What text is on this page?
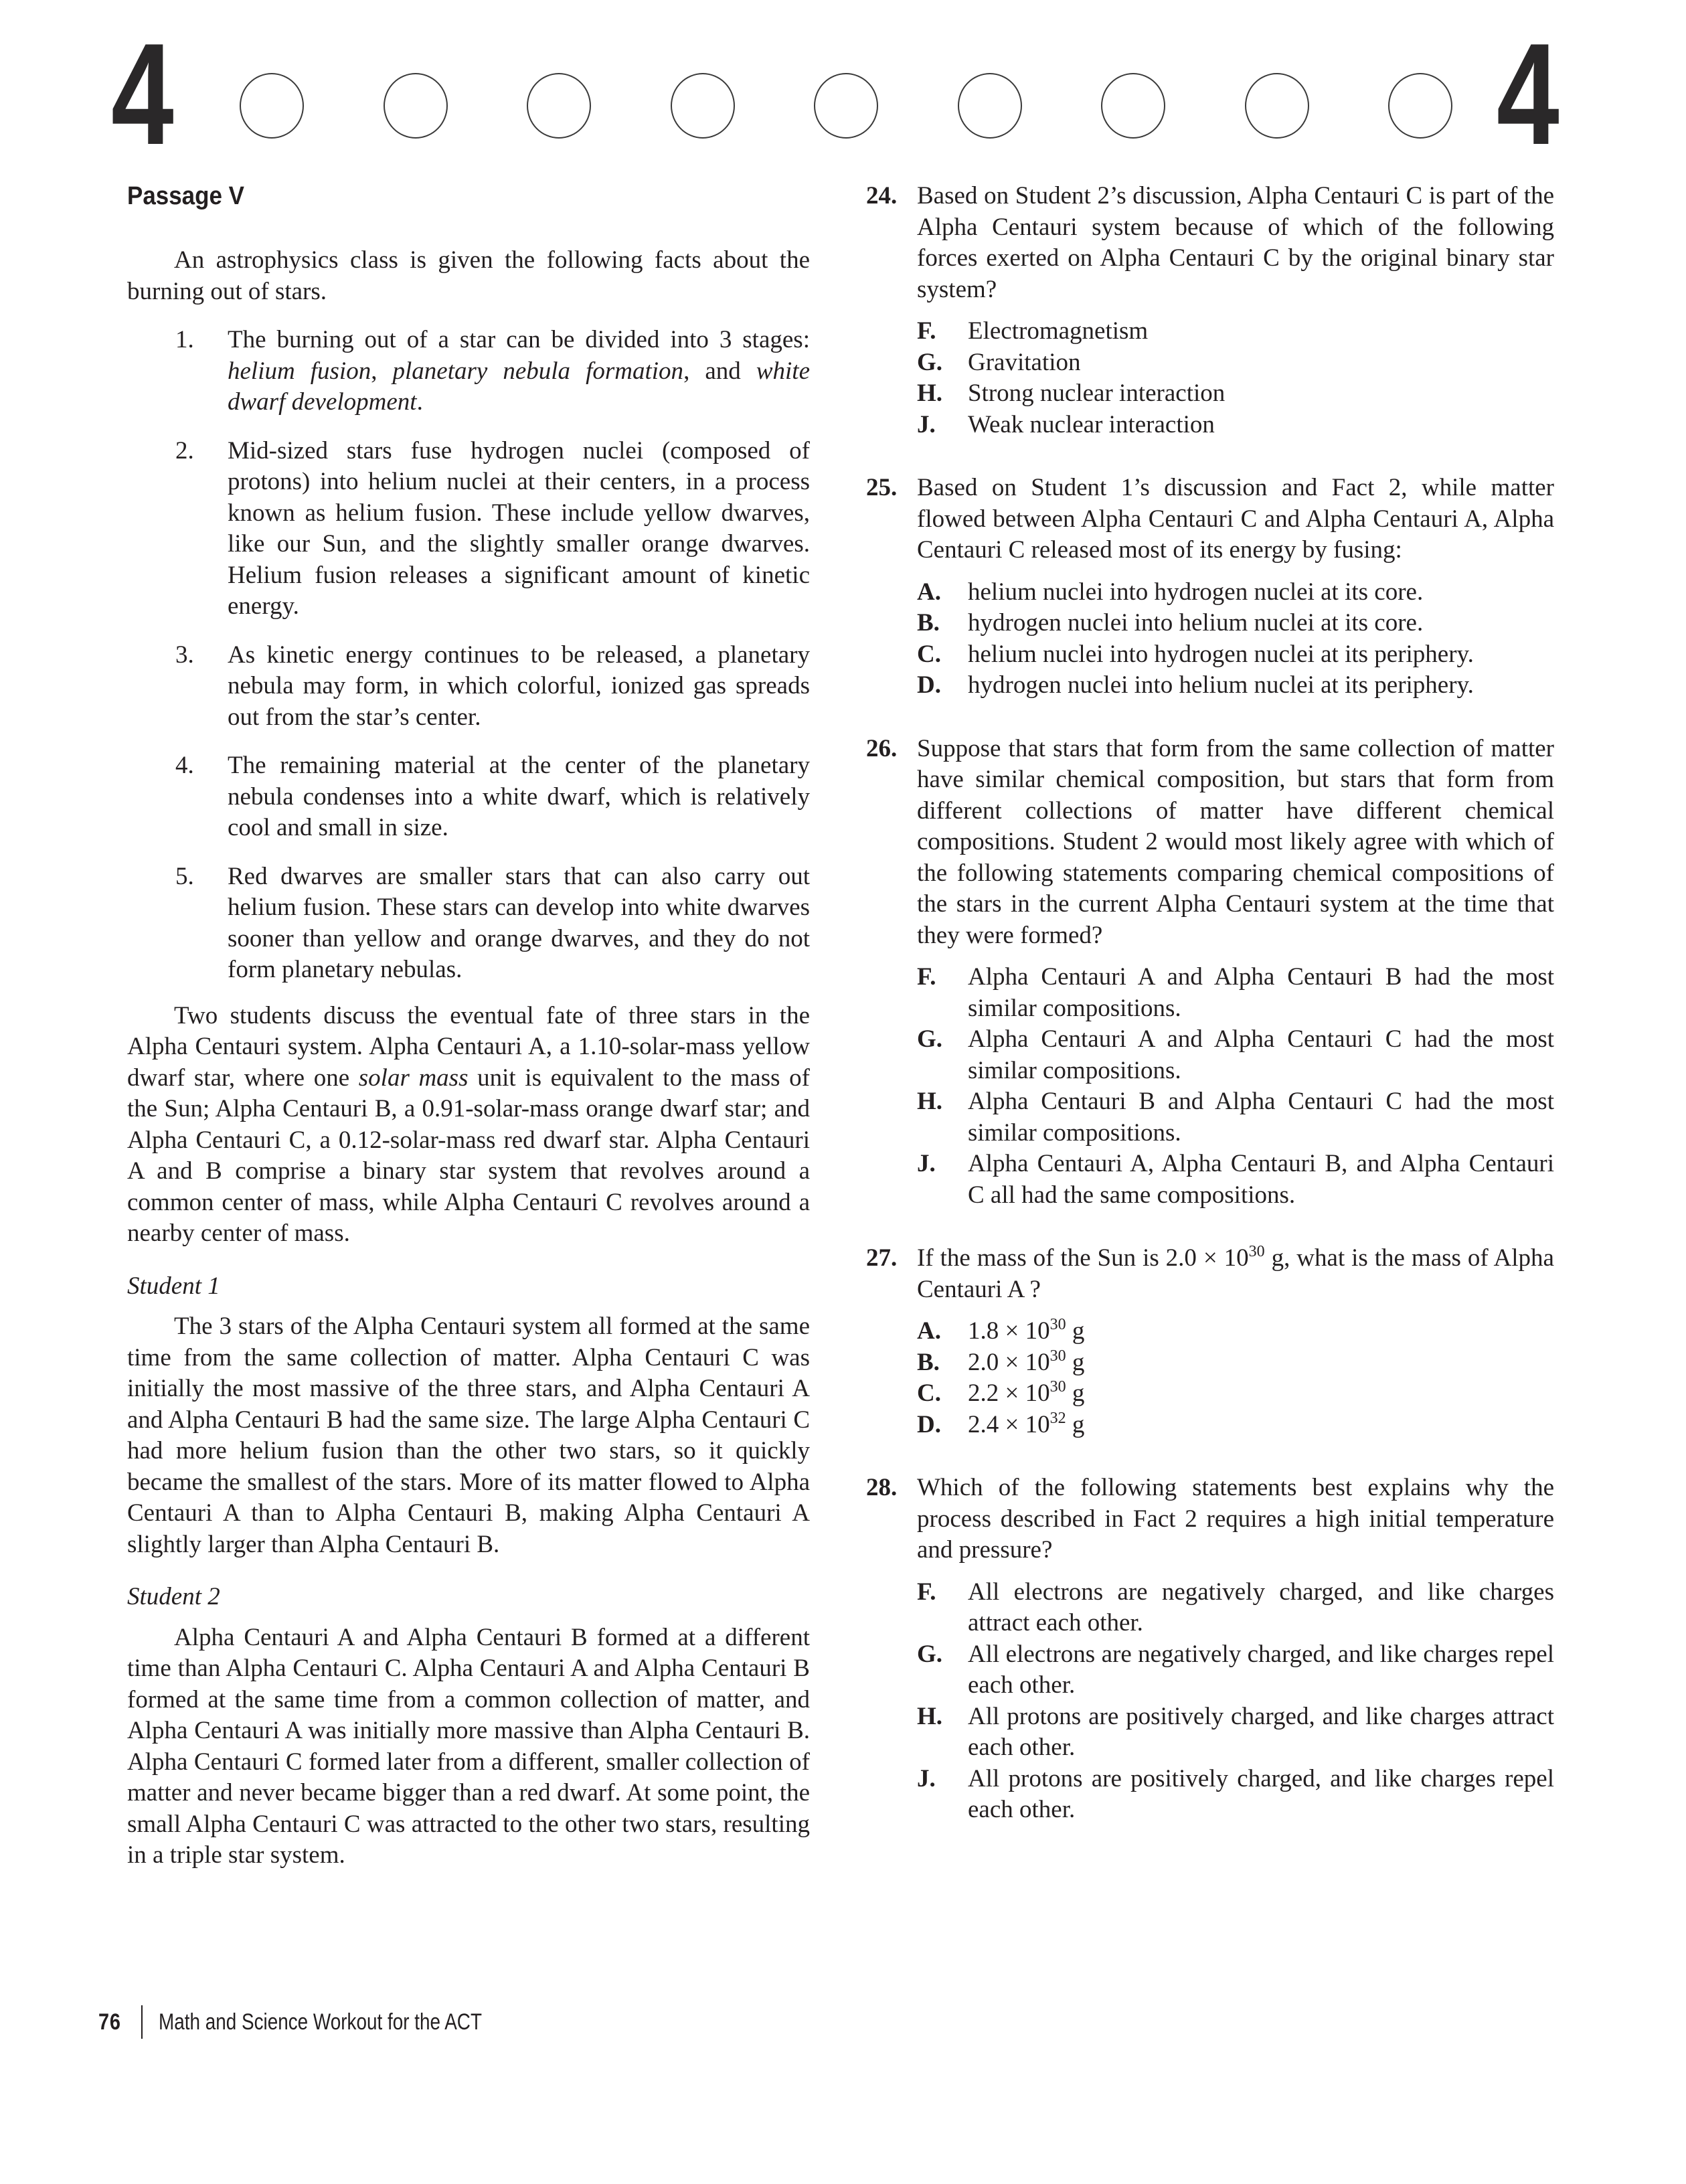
4	4
Passage V

An astrophysics class is given the following facts about the burning out of stars.

1.	The burning out of a star can be divided into 3 stages: helium fusion, planetary nebula formation, and white dwarf development.
2.	Mid-sized stars fuse hydrogen nuclei (composed of protons) into helium nuclei at their centers, in a process known as helium fusion. These include yellow dwarves, like our Sun, and the slightly smaller orange dwarves. Helium fusion releases a significant amount of kinetic energy.
3.	As kinetic energy continues to be released, a planetary nebula may form, in which colorful, ionized gas spreads out from the star’s center.
4.	The remaining material at the center of the planetary nebula condenses into a white dwarf, which is relatively cool and small in size.
5.	Red dwarves are smaller stars that can also carry out helium fusion. These stars can develop into white dwarves sooner than yellow and orange dwarves, and they do not form planetary nebulas.

Two students discuss the eventual fate of three stars in the Alpha Centauri system. Alpha Centauri A, a 1.10-solar-mass yellow dwarf star, where one solar mass unit is equivalent to the mass of the Sun; Alpha Centauri B, a 0.91-solar-mass orange dwarf star; and Alpha Centauri C, a 0.12-solar-mass red dwarf star. Alpha Centauri A and B comprise a binary star system that revolves around a common center of mass, while Alpha Centauri C revolves around a nearby center of mass.

Student 1

The 3 stars of the Alpha Centauri system all formed at the same time from the same collection of matter. Alpha Centauri C was initially the most massive of the three stars, and Alpha Centauri A and Alpha Centauri B had the same size. The large Alpha Centauri C had more helium fusion than the other two stars, so it quickly became the smallest of the stars. More of its matter flowed to Alpha Centauri A than to Alpha Centauri B, making Alpha Centauri A slightly larger than Alpha Centauri B.

Student 2

Alpha Centauri A and Alpha Centauri B formed at a different time than Alpha Centauri C. Alpha Centauri A and Alpha Centauri B formed at the same time from a common collection of matter, and Alpha Centauri A was initially more massive than Alpha Centauri B. Alpha Centauri C formed later from a different, smaller collection of matter and never became bigger than a red dwarf. At some point, the small Alpha Centauri C was attracted to the other two stars, resulting in a triple star system.

24. Based on Student 2’s discussion, Alpha Centauri C is part of the Alpha Centauri system because of which of the following forces exerted on Alpha Centauri C by the original binary star system?
F.	Electromagnetism
G.	Gravitation
H.	Strong nuclear interaction
J.	Weak nuclear interaction
25. Based on Student 1’s discussion and Fact 2, while matter flowed between Alpha Centauri C and Alpha Centauri A, Alpha Centauri C released most of its energy by fusing:
A.	helium nuclei into hydrogen nuclei at its core.
B.	hydrogen nuclei into helium nuclei at its core.
C.	helium nuclei into hydrogen nuclei at its periphery.
D.	hydrogen nuclei into helium nuclei at its periphery.
26. Suppose that stars that form from the same collection of matter have similar chemical composition, but stars that form from different collections of matter have different chemical compositions. Student 2 would most likely agree with which of the following statements comparing chemical compositions of the stars in the current Alpha Centauri system at the time that they were formed?
F.	Alpha Centauri A and Alpha Centauri B had the most similar compositions.
G.	Alpha Centauri A and Alpha Centauri C had the most similar compositions.
H.	Alpha Centauri B and Alpha Centauri C had the most similar compositions.
J.	Alpha Centauri A, Alpha Centauri B, and Alpha Centauri C all had the same compositions.
27. If the mass of the Sun is $2.0 \times 10^{30}$ g, what is the mass of Alpha Centauri A ?
A.	$1.8 \times 10^{30}$ g
B.	$2.0 \times 10^{30}$ g
C.	$2.2 \times 10^{30}$ g
D.	$2.4 \times 10^{32}$ g
28. Which of the following statements best explains why the process described in Fact 2 requires a high initial temperature and pressure?
F.	All electrons are negatively charged, and like charges attract each other.
G.	All electrons are negatively charged, and like charges repel each other.
H.	All protons are positively charged, and like charges attract each other.
J.	All protons are positively charged, and like charges repel each other.
76 Math and Science Workout for the ACT
